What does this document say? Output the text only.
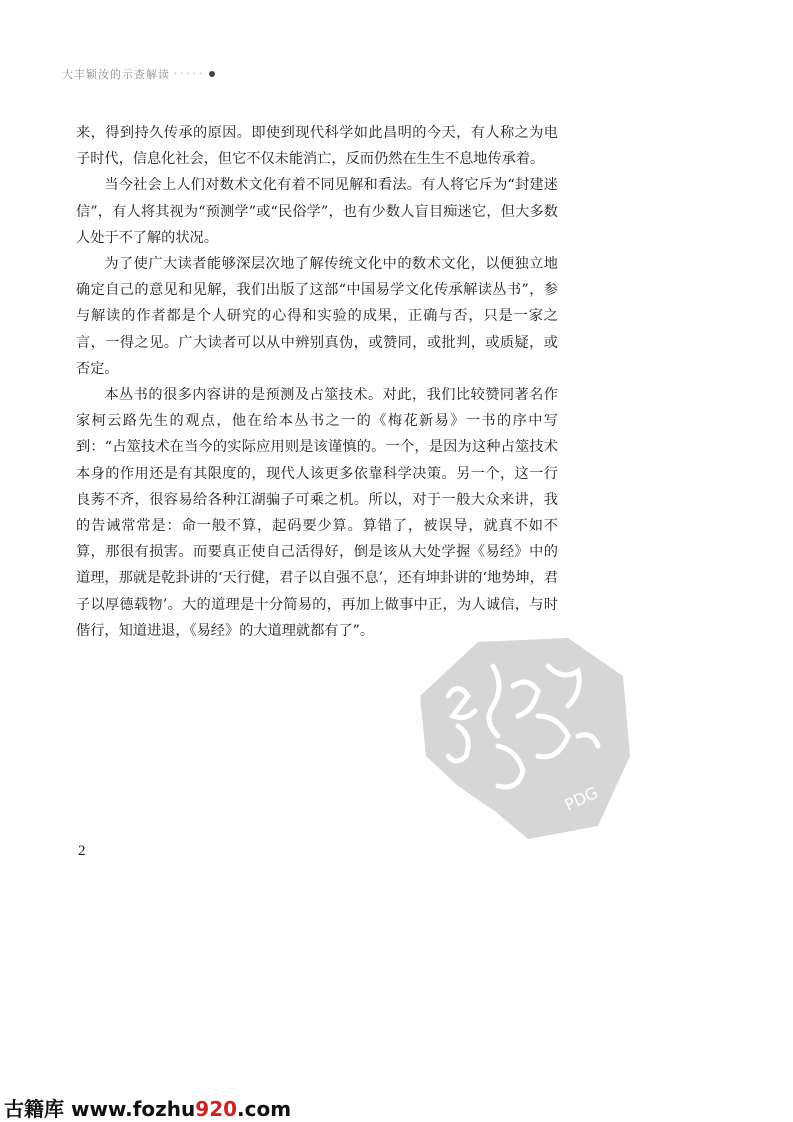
大丰颖汝的示查解读 ·····

来，得到持久传承的原因。即使到现代科学如此昌明的今天，有人称之为电子时代，信息化社会，但它不仅未能消亡，反而仍然在生生不息地传承着。

当今社会上人们对数术文化有着不同见解和看法。有人将它斥为“封建迷信”，有人将其视为“预测学”或“民俗学”，也有少数人盲目痴迷它，但大多数人处于不了解的状况。

为了使广大读者能够深层次地了解传统文化中的数术文化，以便独立地确定自己的意见和见解，我们出版了这部“中国易学文化传承解读丛书”，参与解读的作者都是个人研究的心得和实验的成果，正确与否，只是一家之言，一得之见。广大读者可以从中辨别真伪，或赞同，或批判，或质疑，或否定。

本丛书的很多内容讲的是预测及占筮技术。对此，我们比较赞同著名作家柯云路先生的观点，他在给本丛书之一的《梅花新易》一书的序中写到：“占筮技术在当今的实际应用则是该谨慎的。一个，是因为这种占筮技术本身的作用还是有其限度的，现代人该更多依靠科学决策。另一个，这一行良莠不齐，很容易给各种江湖骗子可乘之机。所以，对于一般大众来讲，我的告诫常常是：命一般不算，起码要少算。算错了，被误导，就真不如不算，那很有损害。而要真正使自己活得好，倒是该从大处学握《易经》中的道理，那就是乾卦讲的‘天行健，君子以自强不息’，还有坤卦讲的‘地势坤，君子以厚德载物’。大的道理是十分简易的，再加上做事中正，为人诚信，与时偕行，知道进退，《易经》的大道理就都有了”。

PDG
2
古籍库 www.fozhu920.com
